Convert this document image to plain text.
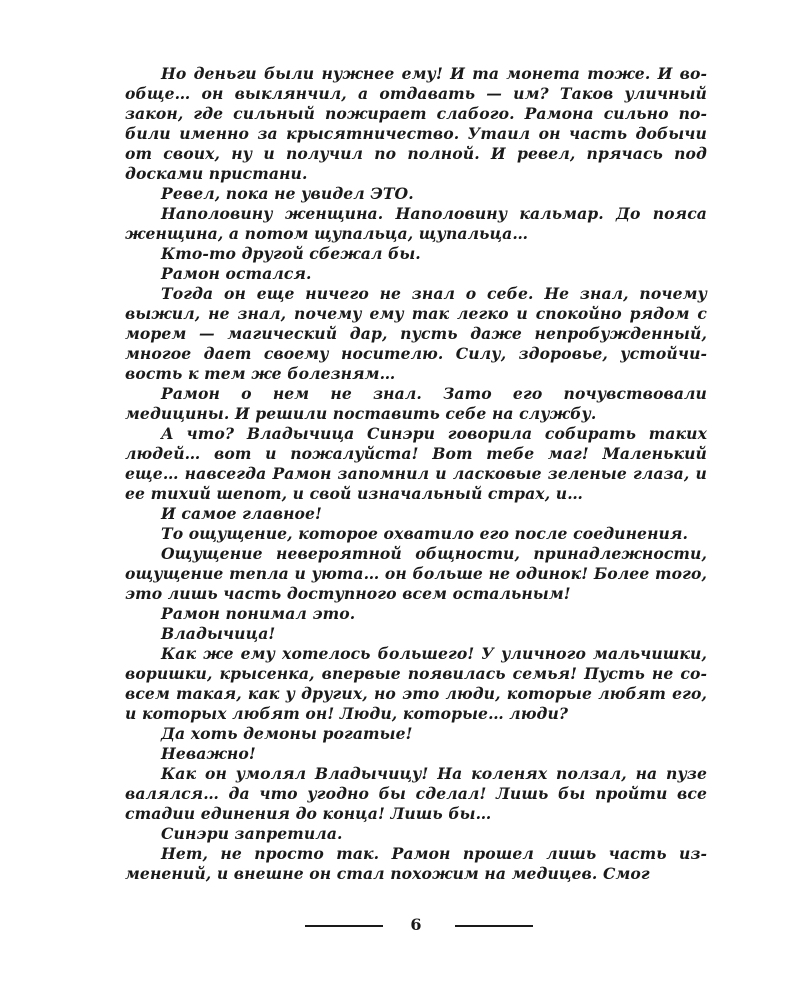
Но деньги были нужнее ему! И та монета тоже. И вообще… он выклянчил, а отдавать — им? Таков уличный закон, где сильный пожирает слабого. Рамона сильно побили именно за крысятничество. Утаил он часть добычи от своих, ну и получил по полной. И ревел, прячась под досками пристани.

Ревел, пока не увидел ЭТО.

Наполовину женщина. Наполовину кальмар. До пояса женщина, а потом щупальца, щупальца…

Кто-то другой сбежал бы.

Рамон остался.

Тогда он еще ничего не знал о себе. Не знал, почему выжил, не знал, почему ему так легко и спокойно рядом с морем — магический дар, пусть даже непробужденный, многое дает своему носителю. Силу, здоровье, устойчивость к тем же болезням…

Рамон о нем не знал. Зато его почувствовали медицины. И решили поставить себе на службу.

А что? Владычица Синэри говорила собирать таких людей… вот и пожалуйста! Вот тебе маг! Маленький еще… навсегда Рамон запомнил и ласковые зеленые глаза, и ее тихий шепот, и свой изначальный страх, и…

И самое главное!

То ощущение, которое охватило его после соединения.

Ощущение невероятной общности, принадлежности, ощущение тепла и уюта… он больше не одинок! Более того, это лишь часть доступного всем остальным!

Рамон понимал это.

Владычица!

Как же ему хотелось большего! У уличного мальчишки, воришки, крысенка, впервые появилась семья! Пусть не совсем такая, как у других, но это люди, которые любят его, и которых любят он! Люди, которые… люди?

Да хоть демоны рогатые!

Неважно!

Как он умолял Владычицу! На коленях ползал, на пузе валялся… да что угодно бы сделал! Лишь бы пройти все стадии единения до конца! Лишь бы…

Синэри запретила.

Нет, не просто так. Рамон прошел лишь часть изменений, и внешне он стал похожим на медицев. Смог

6
